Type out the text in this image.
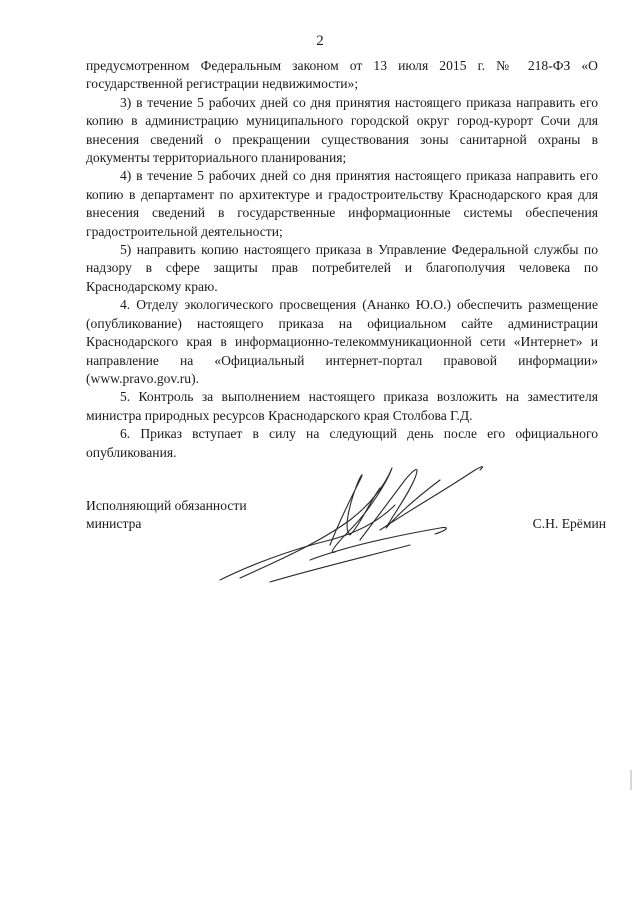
2

предусмотренном Федеральным законом от 13 июля 2015 г. № 218-ФЗ «О государственной регистрации недвижимости»;

3) в течение 5 рабочих дней со дня принятия настоящего приказа направить его копию в администрацию муниципального городской округ город-курорт Сочи для внесения сведений о прекращении существования зоны санитарной охраны в документы территориального планирования;

4) в течение 5 рабочих дней со дня принятия настоящего приказа направить его копию в департамент по архитектуре и градостроительству Краснодарского края для внесения сведений в государственные информационные системы обеспечения градостроительной деятельности;

5) направить копию настоящего приказа в Управление Федеральной службы по надзору в сфере защиты прав потребителей и благополучия человека по Краснодарскому краю.

4. Отделу экологического просвещения (Ананко Ю.О.) обеспечить размещение (опубликование) настоящего приказа на официальном сайте администрации Краснодарского края в информационно-телекоммуникационной сети «Интернет» и направление на «Официальный интернет-портал правовой информации» (www.pravo.gov.ru).

5. Контроль за выполнением настоящего приказа возложить на заместителя министра природных ресурсов Краснодарского края Столбова Г.Д.

6. Приказ вступает в силу на следующий день после его официального опубликования.

Исполняющий обязанности
министра	С.Н. Ерёмин
